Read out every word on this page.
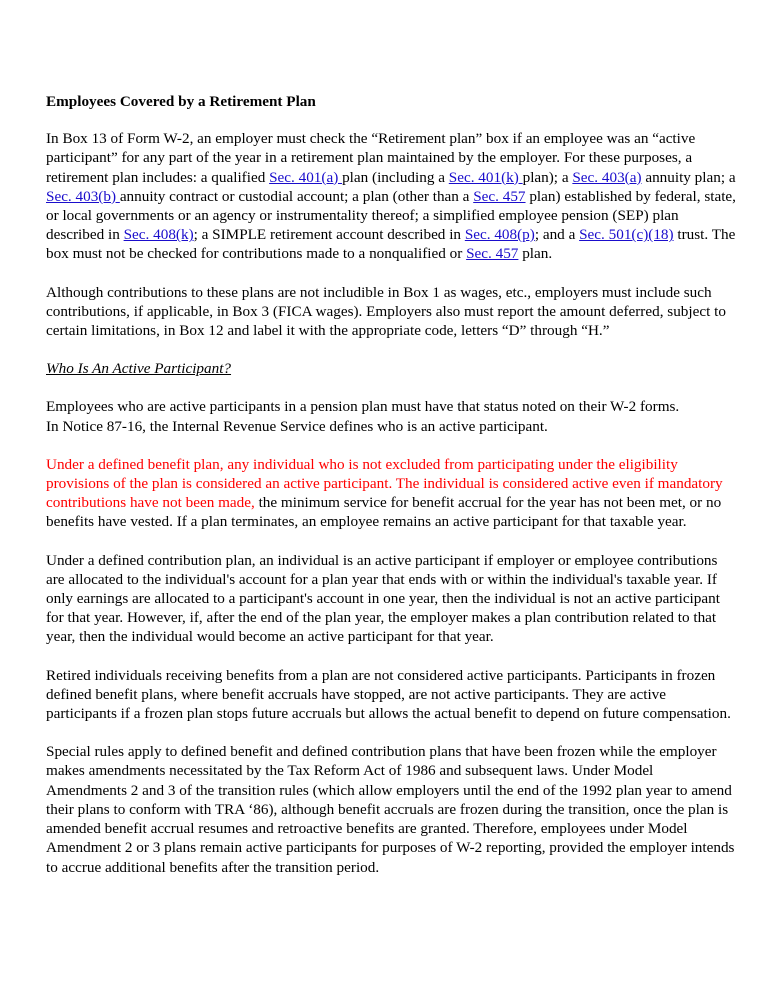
Employees Covered by a Retirement Plan

In Box 13 of Form W-2, an employer must check the “Retirement plan” box if an employee was an “active participant” for any part of the year in a retirement plan maintained by the employer. For these purposes, a retirement plan includes: a qualified Sec. 401(a) plan (including a Sec. 401(k) plan); a Sec. 403(a) annuity plan; a Sec. 403(b) annuity contract or custodial account; a plan (other than a Sec. 457 plan) established by federal, state, or local governments or an agency or instrumentality thereof; a simplified employee pension (SEP) plan described in Sec. 408(k); a SIMPLE retirement account described in Sec. 408(p); and a Sec. 501(c)(18) trust. The box must not be checked for contributions made to a nonqualified or Sec. 457 plan.

Although contributions to these plans are not includible in Box 1 as wages, etc., employers must include such contributions, if applicable, in Box 3 (FICA wages). Employers also must report the amount deferred, subject to certain limitations, in Box 12 and label it with the appropriate code, letters “D” through “H.”

Who Is An Active Participant?

Employees who are active participants in a pension plan must have that status noted on their W-2 forms.
In Notice 87-16, the Internal Revenue Service defines who is an active participant.

Under a defined benefit plan, any individual who is not excluded from participating under the eligibility provisions of the plan is considered an active participant. The individual is considered active even if mandatory contributions have not been made, the minimum service for benefit accrual for the year has not been met, or no benefits have vested. If a plan terminates, an employee remains an active participant for that taxable year.

Under a defined contribution plan, an individual is an active participant if employer or employee contributions are allocated to the individual's account for a plan year that ends with or within the individual's taxable year. If only earnings are allocated to a participant's account in one year, then the individual is not an active participant for that year. However, if, after the end of the plan year, the employer makes a plan contribution related to that year, then the individual would become an active participant for that year.

Retired individuals receiving benefits from a plan are not considered active participants. Participants in frozen defined benefit plans, where benefit accruals have stopped, are not active participants. They are active participants if a frozen plan stops future accruals but allows the actual benefit to depend on future compensation.

Special rules apply to defined benefit and defined contribution plans that have been frozen while the employer makes amendments necessitated by the Tax Reform Act of 1986 and subsequent laws. Under Model Amendments 2 and 3 of the transition rules (which allow employers until the end of the 1992 plan year to amend their plans to conform with TRA ‘86), although benefit accruals are frozen during the transition, once the plan is amended benefit accrual resumes and retroactive benefits are granted. Therefore, employees under Model Amendment 2 or 3 plans remain active participants for purposes of W-2 reporting, provided the employer intends to accrue additional benefits after the transition period.
